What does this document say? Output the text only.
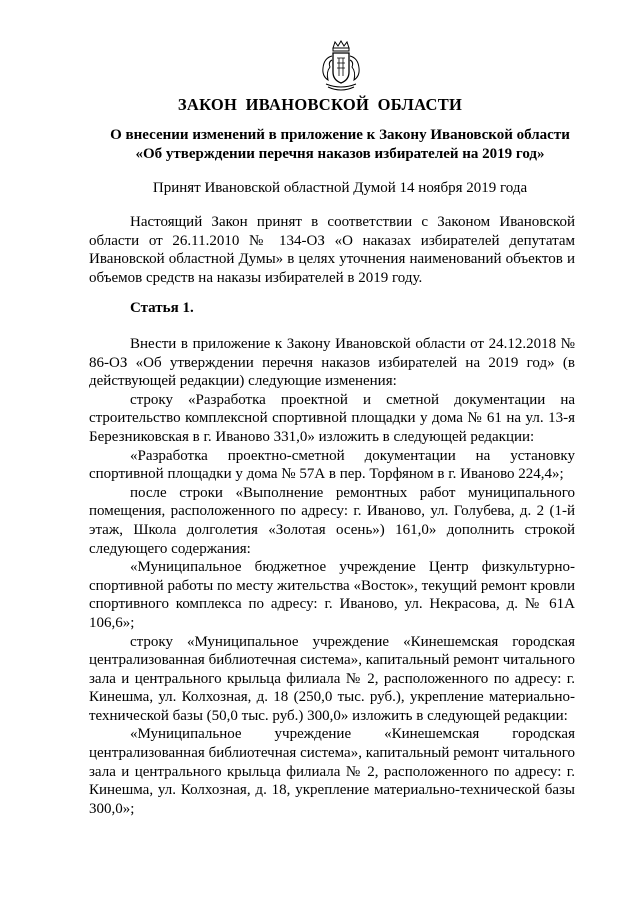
ЗАКОН ИВАНОВСКОЙ ОБЛАСТИ
О внесении изменений в приложение к Закону Ивановской области
«Об утверждении перечня наказов избирателей на 2019 год»
Принят Ивановской областной Думой 14 ноября 2019 года

Настоящий Закон принят в соответствии с Законом Ивановской области от 26.11.2010 № 134-ОЗ «О наказах избирателей депутатам Ивановской областной Думы» в целях уточнения наименований объектов и объемов средств на наказы избирателей в 2019 году.

Статья 1.

Внести в приложение к Закону Ивановской области от 24.12.2018 № 86-ОЗ «Об утверждении перечня наказов избирателей на 2019 год» (в действующей редакции) следующие изменения:

строку «Разработка проектной и сметной документации на строительство комплексной спортивной площадки у дома № 61 на ул. 13-я Березниковская в г. Иваново 331,0» изложить в следующей редакции:

«Разработка проектно-сметной документации на установку спортивной площадки у дома № 57А в пер. Торфяном в г. Иваново 224,4»;

после строки «Выполнение ремонтных работ муниципального помещения, расположенного по адресу: г. Иваново, ул. Голубева, д. 2 (1-й этаж, Школа долголетия «Золотая осень») 161,0» дополнить строкой следующего содержания:

«Муниципальное бюджетное учреждение Центр физкультурно-спортивной работы по месту жительства «Восток», текущий ремонт кровли спортивного комплекса по адресу: г. Иваново, ул. Некрасова, д. № 61А 106,6»;

строку «Муниципальное учреждение «Кинешемская городская централизованная библиотечная система», капитальный ремонт читального зала и центрального крыльца филиала № 2, расположенного по адресу: г. Кинешма, ул. Колхозная, д. 18 (250,0 тыс. руб.), укрепление материально-технической базы (50,0 тыс. руб.) 300,0» изложить в следующей редакции:

«Муниципальное учреждение «Кинешемская городская централизованная библиотечная система», капитальный ремонт читального зала и центрального крыльца филиала № 2, расположенного по адресу: г. Кинешма, ул. Колхозная, д. 18, укрепление материально-технической базы 300,0»;
